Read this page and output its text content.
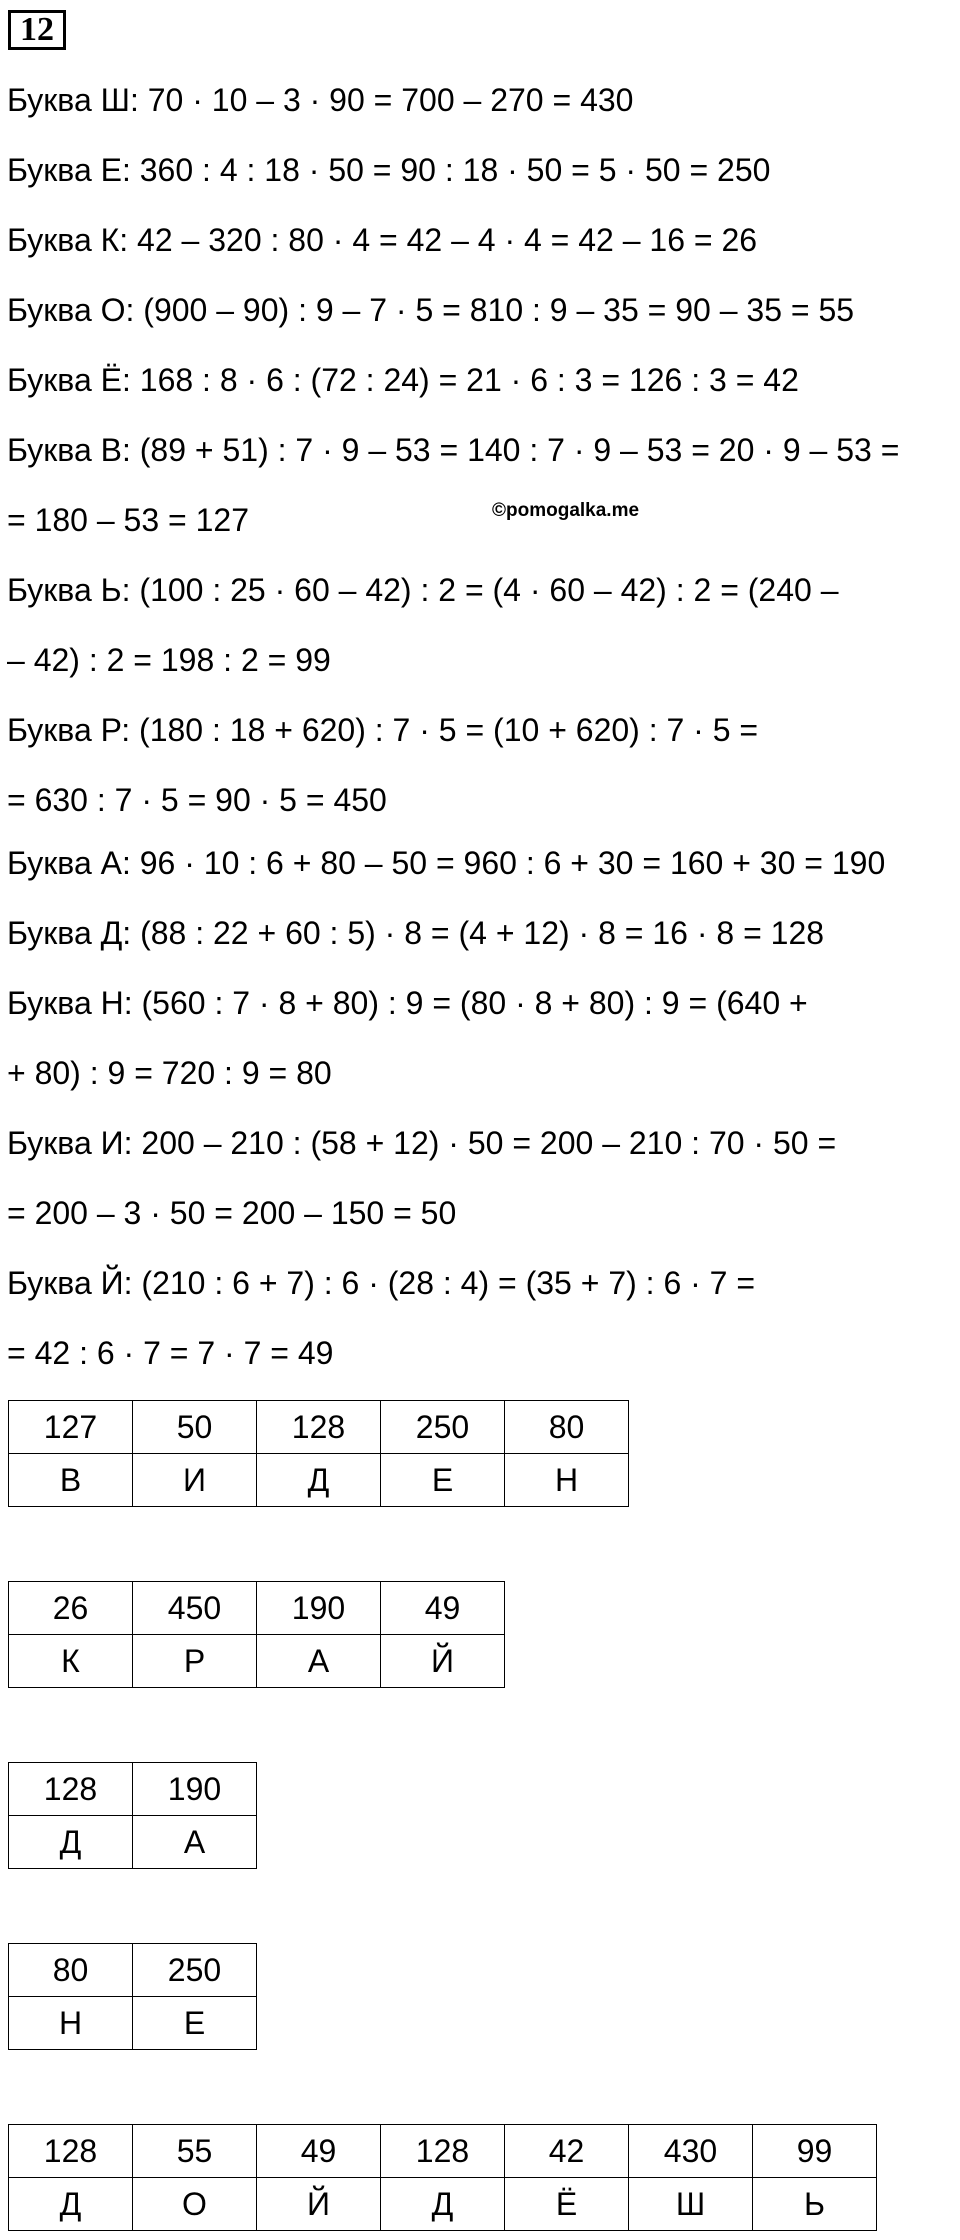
12
Буква Ш: 70 · 10 – 3 · 90 = 700 – 270 = 430
Буква Е: 360 : 4 : 18 · 50 = 90 : 18 · 50 = 5 · 50 = 250
Буква К: 42 – 320 : 80 · 4 = 42 – 4 · 4 = 42 – 16 = 26
Буква О: (900 – 90) : 9 – 7 · 5 = 810 : 9 – 35 = 90 – 35 = 55
Буква Ё: 168 : 8 · 6 : (72 : 24) = 21 · 6 : 3 = 126 : 3 = 42
Буква В: (89 + 51) : 7 · 9 – 53 = 140 : 7 · 9 – 53 = 20 · 9 – 53 =
= 180 – 53 = 127	©pomogalka.me
Буква Ь: (100 : 25 · 60 – 42) : 2 = (4 · 60 – 42) : 2 = (240 –
– 42) : 2 = 198 : 2 = 99
Буква Р: (180 : 18 + 620) : 7 · 5 = (10 + 620) : 7 · 5 =
= 630 : 7 · 5 = 90 · 5 = 450
Буква А: 96 · 10 : 6 + 80 – 50 = 960 : 6 + 30 = 160 + 30 = 190
Буква Д: (88 : 22 + 60 : 5) · 8 = (4 + 12) · 8 = 16 · 8 = 128
Буква Н: (560 : 7 · 8 + 80) : 9 = (80 · 8 + 80) : 9 = (640 +
+ 80) : 9 = 720 : 9 = 80
Буква И: 200 – 210 : (58 + 12) · 50 = 200 – 210 : 70 · 50 =
= 200 – 3 · 50 = 200 – 150 = 50
Буква Й: (210 : 6 + 7) : 6 · (28 : 4) = (35 + 7) : 6 · 7 =
= 42 : 6 · 7 = 7 · 7 = 49
127	50	128	250	80
В	И	Д	Е	Н
26	450	190	49
К	Р	А	Й
128	190
Д	А
80	250
Н	Е
128	55	49	128	42	430	99
Д	О	Й	Д	Ё	Ш	Ь
